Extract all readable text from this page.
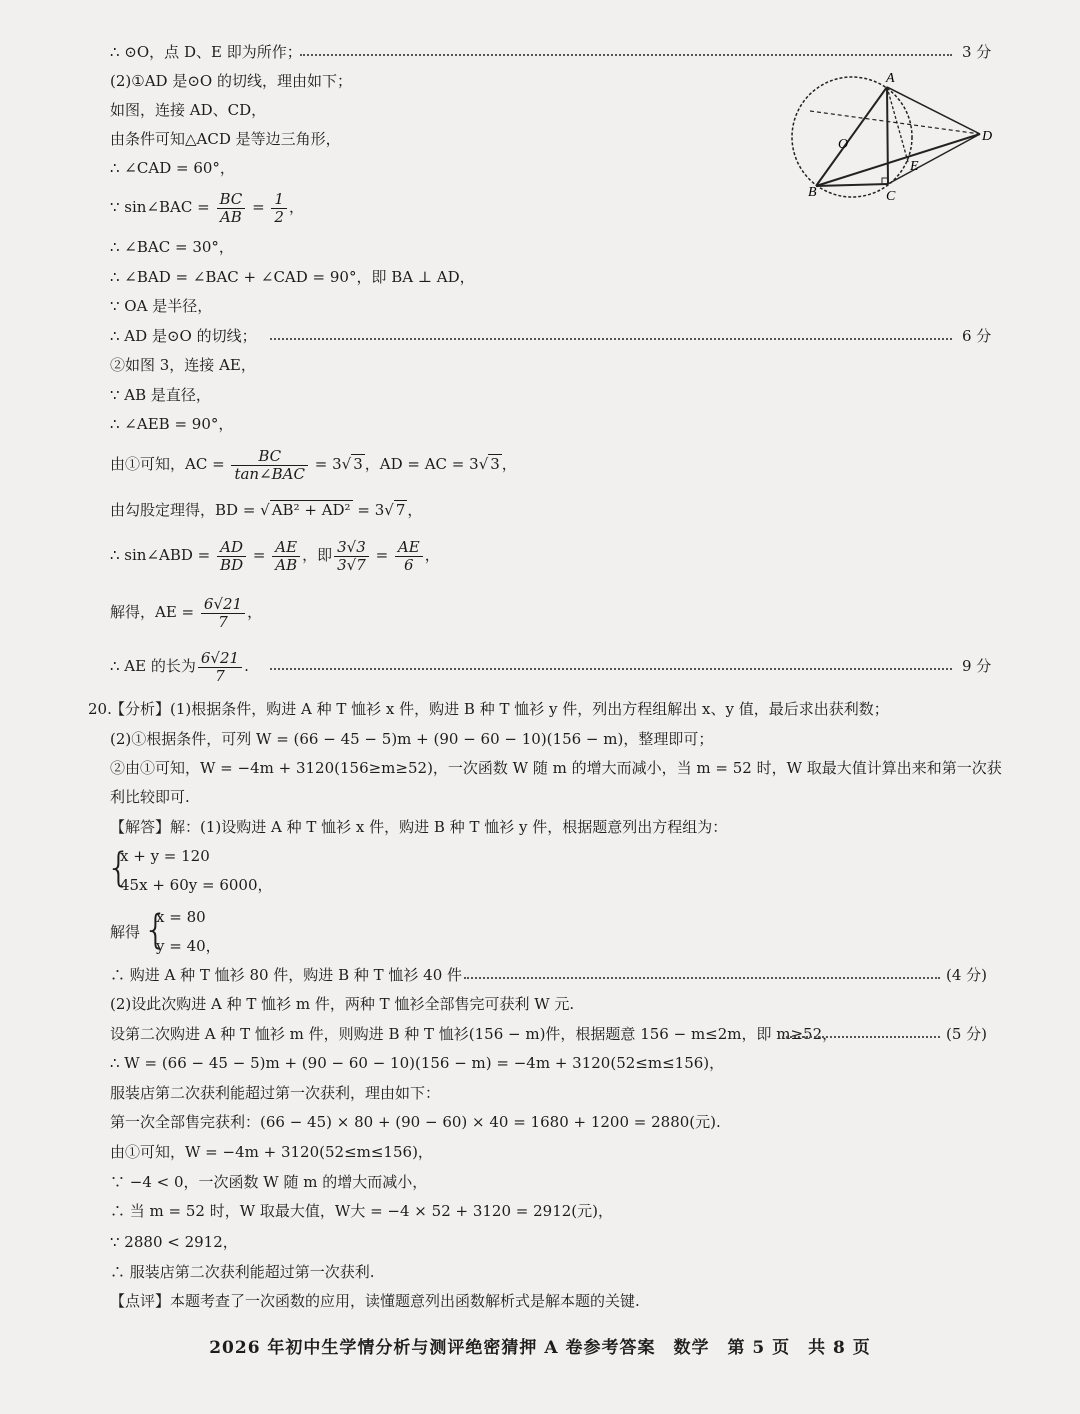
∴ ⊙O，点 D、E 即为所作；	3 分
(2)①AD 是⊙O 的切线，理由如下；
如图，连接 AD、CD，
由条件可知△ACD 是等边三角形，
∴ ∠CAD = 60°，
∵ sin∠BAC = $\frac{BC}{AB} = \frac{1}{2}$ ，
∴ ∠BAC = 30°，
∴ ∠BAD = ∠BAC + ∠CAD = 90°，即 BA ⊥ AD，
∵ OA 是半径，
∴ AD 是⊙O 的切线；	6 分
②如图 3，连接 AE，
∵ AB 是直径，
∴ ∠AEB = 90°，
由①可知，AC = $\frac{BC}{\text{tan∠BAC}} = 3√$ 3 ，AD = AC = 3√ 3 ，
由勾股定理得，BD = √ AB² + AD² = 3√ 7 ，
∴ sin∠ABD = $\frac{AD}{BD} = \frac{AE}{AB}$ ，即 $\frac{3√3}{3√7} = \frac{AE}{6}$ ，
解得，AE = $\frac{6√21}{7}$ ，
∴ AE 的长为 $\frac{6√21}{7}$ .	9 分
A
O
D
E
B	C
20.
【分析】(1)根据条件，购进 A 种 T 恤衫 x 件，购进 B 种 T 恤衫 y 件，列出方程组解出 x、y 值，最后求出获利数；
(2)①根据条件，可列 W = (66 − 45 − 5)m + (90 − 60 − 10)(156 − m)，整理即可；
②由①可知，W = −4m + 3120(156≥m≥52)，一次函数 W 随 m 的增大而减小，当 m = 52 时，W 取最大值计算出来和第一次获
利比较即可.
【解答】解：(1)设购进 A 种 T 恤衫 x 件，购进 B 种 T 恤衫 y 件，根据题意列出方程组为：
{
x + y = 120
45x + 60y = 6000，
解得 {
x = 80
y = 40，
∴ 购进 A 种 T 恤衫 80 件，购进 B 种 T 恤衫 40 件	(4 分)
(2)设此次购进 A 种 T 恤衫 m 件，两种 T 恤衫全部售完可获利 W 元.
设第二次购进 A 种 T 恤衫 m 件，则购进 B 种 T 恤衫(156 − m)件，根据题意 156 − m≤2m，即 m≥52，	(5 分)
∴ W = (66 − 45 − 5)m + (90 − 60 − 10)(156 − m) = −4m + 3120(52≤m≤156)，
服装店第二次获利能超过第一次获利，理由如下：
第一次全部售完获利：(66 − 45) × 80 + (90 − 60) × 40 = 1680 + 1200 = 2880(元).
由①可知，W = −4m + 3120(52≤m≤156)，
∵ −4 < 0，一次函数 W 随 m 的增大而减小，
∴ 当 m = 52 时，W 取最大值，W大 = −4 × 52 + 3120 = 2912(元)，
∵ 2880 < 2912，
∴ 服装店第二次获利能超过第一次获利.
【点评】本题考查了一次函数的应用，读懂题意列出函数解析式是解本题的关键.
2026 年初中生学情分析与测评绝密猜押 A 卷参考答案　数学　第 5 页　共 8 页
